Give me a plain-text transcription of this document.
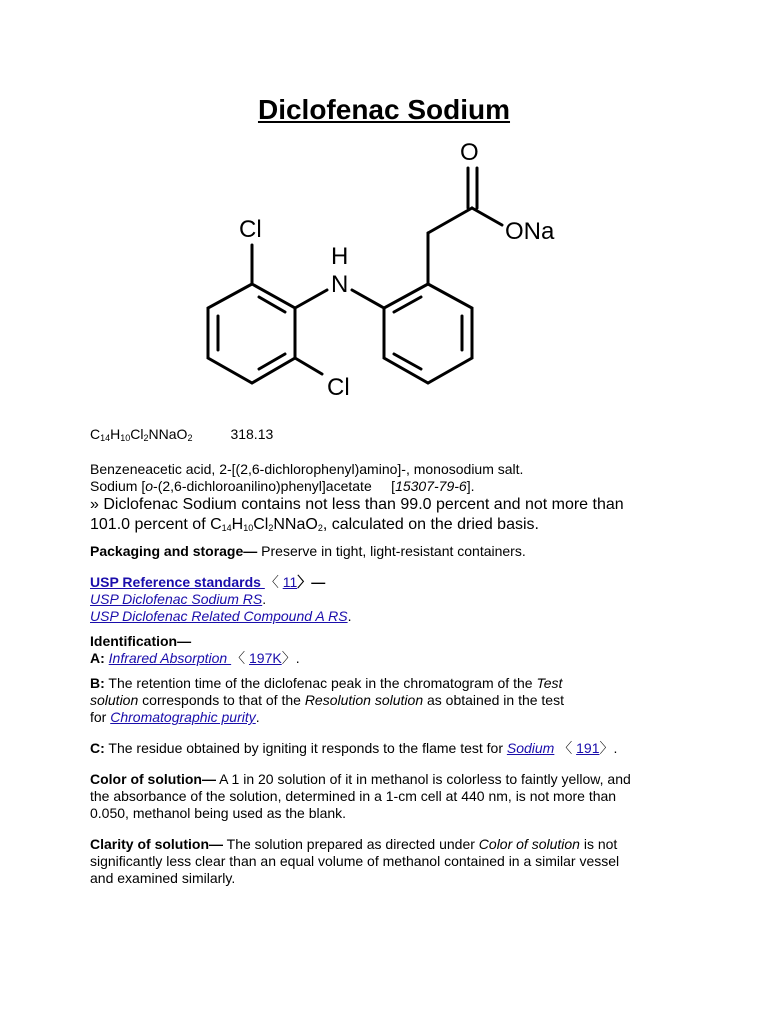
Diclofenac Sodium
O
ONa
Cl
H
N
Cl

$C_{14}H_{10}Cl_2NNaO_2$	318.13

Benzeneacetic acid, 2-[(2,6-dichlorophenyl)amino]-, monosodium salt.
Sodium [o-(2,6-dichloroanilino)phenyl]acetate     [15307-79-6].

» Diclofenac Sodium contains not less than 99.0 percent and not more than
101.0 percent of $C_{14}H_{10}Cl_2NNaO_2$, calculated on the dried basis.

Packaging and storage— Preserve in tight, light-resistant containers.

USP Reference standards 〈 11〉—
USP Diclofenac Sodium RS.
USP Diclofenac Related Compound A RS.

Identification—

A: Infrared Absorption 〈 197K〉.

B: The retention time of the diclofenac peak in the chromatogram of the Test
solution corresponds to that of the Resolution solution as obtained in the test
for Chromatographic purity.

C: The residue obtained by igniting it responds to the flame test for Sodium 〈 191〉.

Color of solution— A 1 in 20 solution of it in methanol is colorless to faintly yellow, and
the absorbance of the solution, determined in a 1-cm cell at 440 nm, is not more than
0.050, methanol being used as the blank.

Clarity of solution— The solution prepared as directed under Color of solution is not
significantly less clear than an equal volume of methanol contained in a similar vessel
and examined similarly.
